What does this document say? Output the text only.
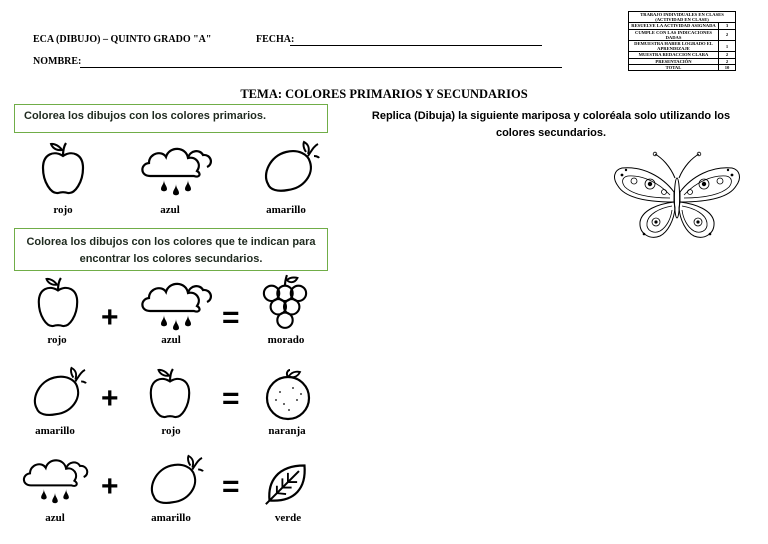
ECA (DIBUJO) – QUINTO GRADO "A"	FECHA:
NOMBRE:
TRABAJO INDIVIDUALES EN CLASES (ACTIVIDAD EN CLASE)	
RESUELVE LA ACTIVIDAD ASIGNADA	3
CUMPLE CON LAS INDICACIONES DADAS	2
DEMUESTRA HABER LOGRADO EL APRENDIZAJE	1
MUESTRA REDACCION CLARA	2
PRESENTACIÓN	2
TOTAL	10
TEMA: COLORES PRIMARIOS Y SECUNDARIOS
Colorea los dibujos con los colores primarios.
rojo	azul	amarillo
Colorea los dibujos con los colores que te indican para encontrar los colores secundarios.
rojo
+
azul
=
morado
amarillo
+
rojo
=
naranja
azul
+
amarillo
=
verde
Replica (Dibuja) la siguiente mariposa y coloréala solo utilizando los colores secundarios.
